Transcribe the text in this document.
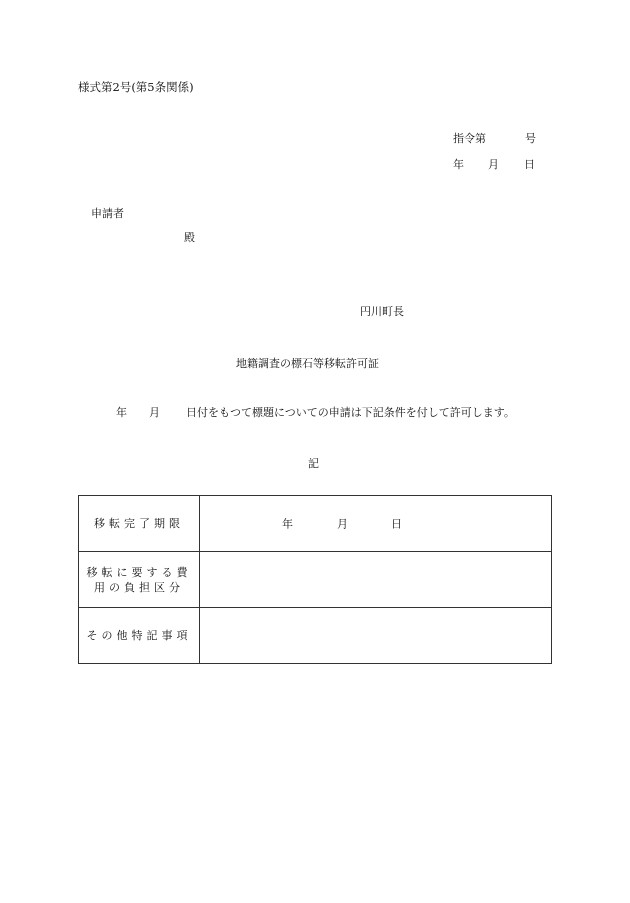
様式第2号(第5条関係)
指令第	号
年 月 日
申請者
殿
円川町長
地籍調査の標石等移転許可証
年 月 日付をもつて標題についての申請は下記条件を付して許可します。
記
移転完了期限	年 月 日

移転に要する費
用の負担区分	

その他特記事項	
